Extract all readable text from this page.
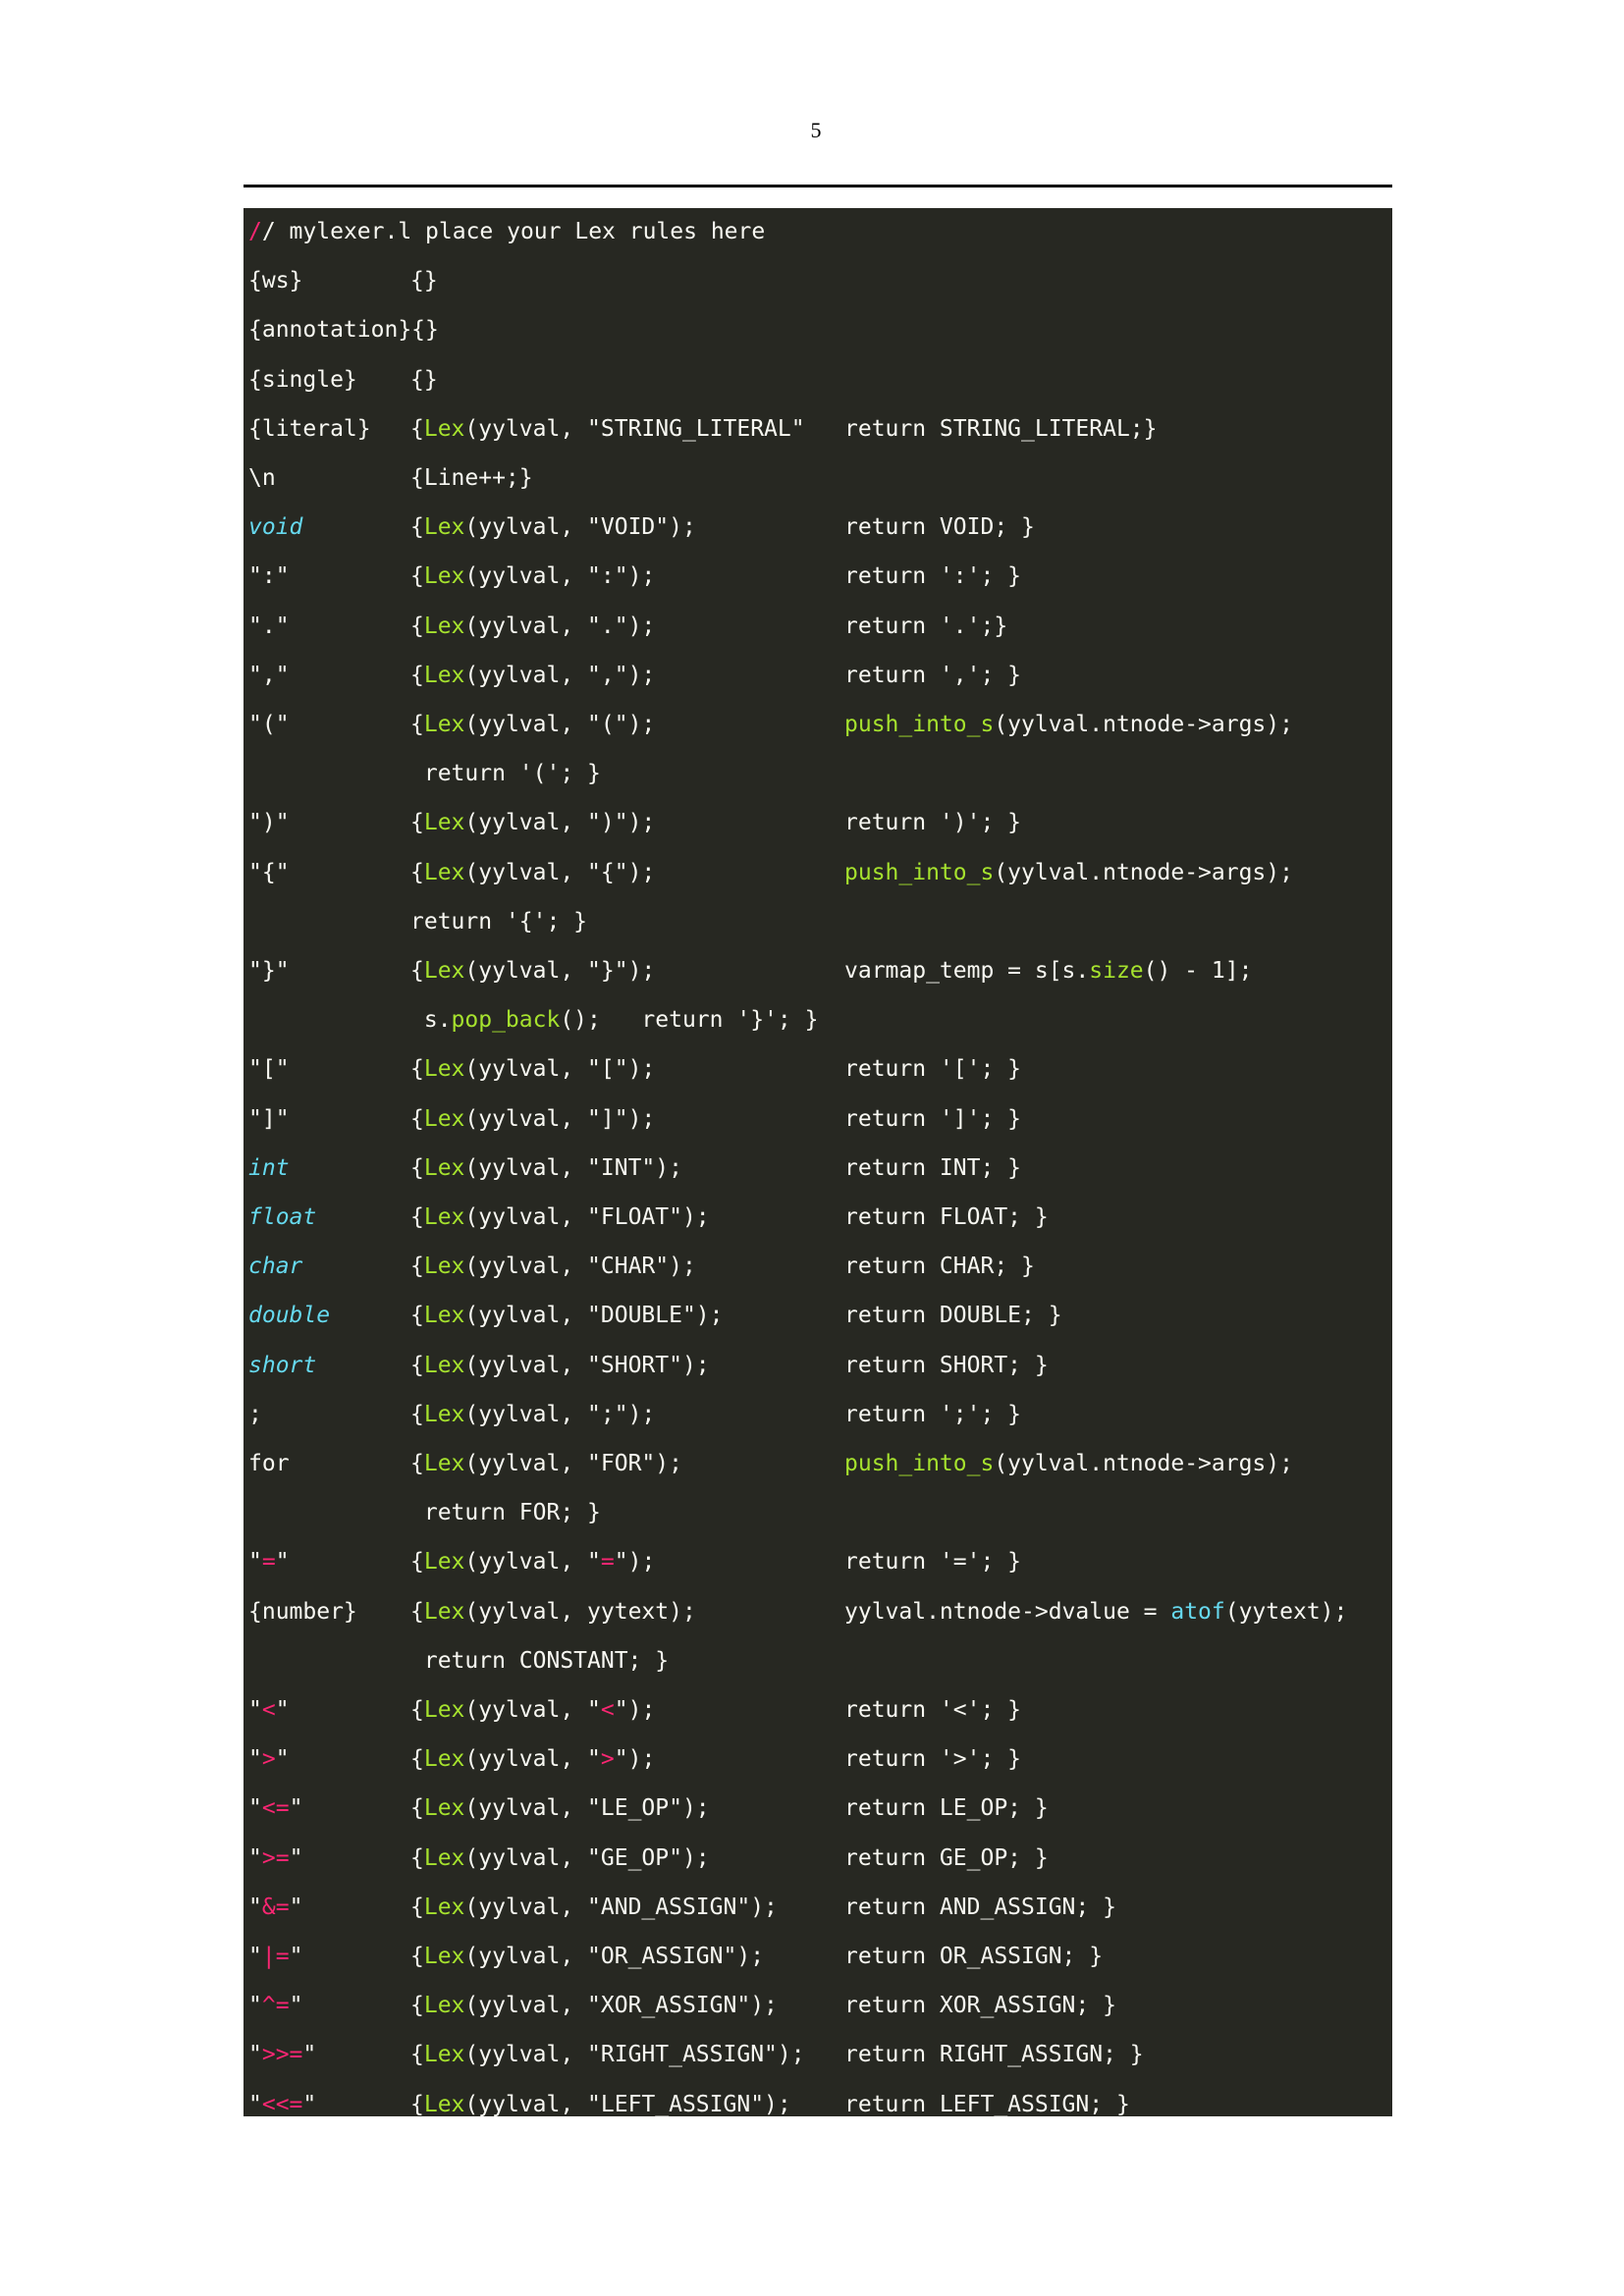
5
// mylexer.l place your Lex rules here
{ws}	{}
{annotation}{}
{single} {}
{literal} {Lex(yylval, "STRING_LITERAL" return STRING_LITERAL;}
\n	{Line++;}
void	{Lex(yylval, "VOID");	return VOID; }
":"	{Lex(yylval, ":");	return ':'; }
"."	{Lex(yylval, ".");	return '.';}
","	{Lex(yylval, ",");	return ','; }
"("	{Lex(yylval, "(");	push_into_s(yylval.ntnode->args);
return '('; }
")"	{Lex(yylval, ")");	return ')'; }
"{"	{Lex(yylval, "{");	push_into_s(yylval.ntnode->args);
return '{'; }
"}"	{Lex(yylval, "}");	varmap_temp = s[s.size() - 1];
s.pop_back();   return '}'; }
"["	{Lex(yylval, "[");	return '['; }
"]"	{Lex(yylval, "]");	return ']'; }
int	{Lex(yylval, "INT");	return INT; }
float	{Lex(yylval, "FLOAT");	return FLOAT; }
char	{Lex(yylval, "CHAR");	return CHAR; }
double	{Lex(yylval, "DOUBLE");	return DOUBLE; }
short	{Lex(yylval, "SHORT");	return SHORT; }
;	{Lex(yylval, ";");	return ';'; }
for	{Lex(yylval, "FOR");	push_into_s(yylval.ntnode->args);
return FOR; }
"="	{Lex(yylval, "=");	return '='; }
{number} {Lex(yylval, yytext);	yylval.ntnode->dvalue = atof(yytext);
return CONSTANT; }
"<"	{Lex(yylval, "<");	return '<'; }
">"	{Lex(yylval, ">");	return '>'; }
"<="	{Lex(yylval, "LE_OP");	return LE_OP; }
">="	{Lex(yylval, "GE_OP");	return GE_OP; }
"&="	{Lex(yylval, "AND_ASSIGN");	return AND_ASSIGN; }
"|="	{Lex(yylval, "OR_ASSIGN");	return OR_ASSIGN; }
"^="	{Lex(yylval, "XOR_ASSIGN");	return XOR_ASSIGN; }
">>="	{Lex(yylval, "RIGHT_ASSIGN"); return RIGHT_ASSIGN; }
"<<="	{Lex(yylval, "LEFT_ASSIGN"); return LEFT_ASSIGN; }
